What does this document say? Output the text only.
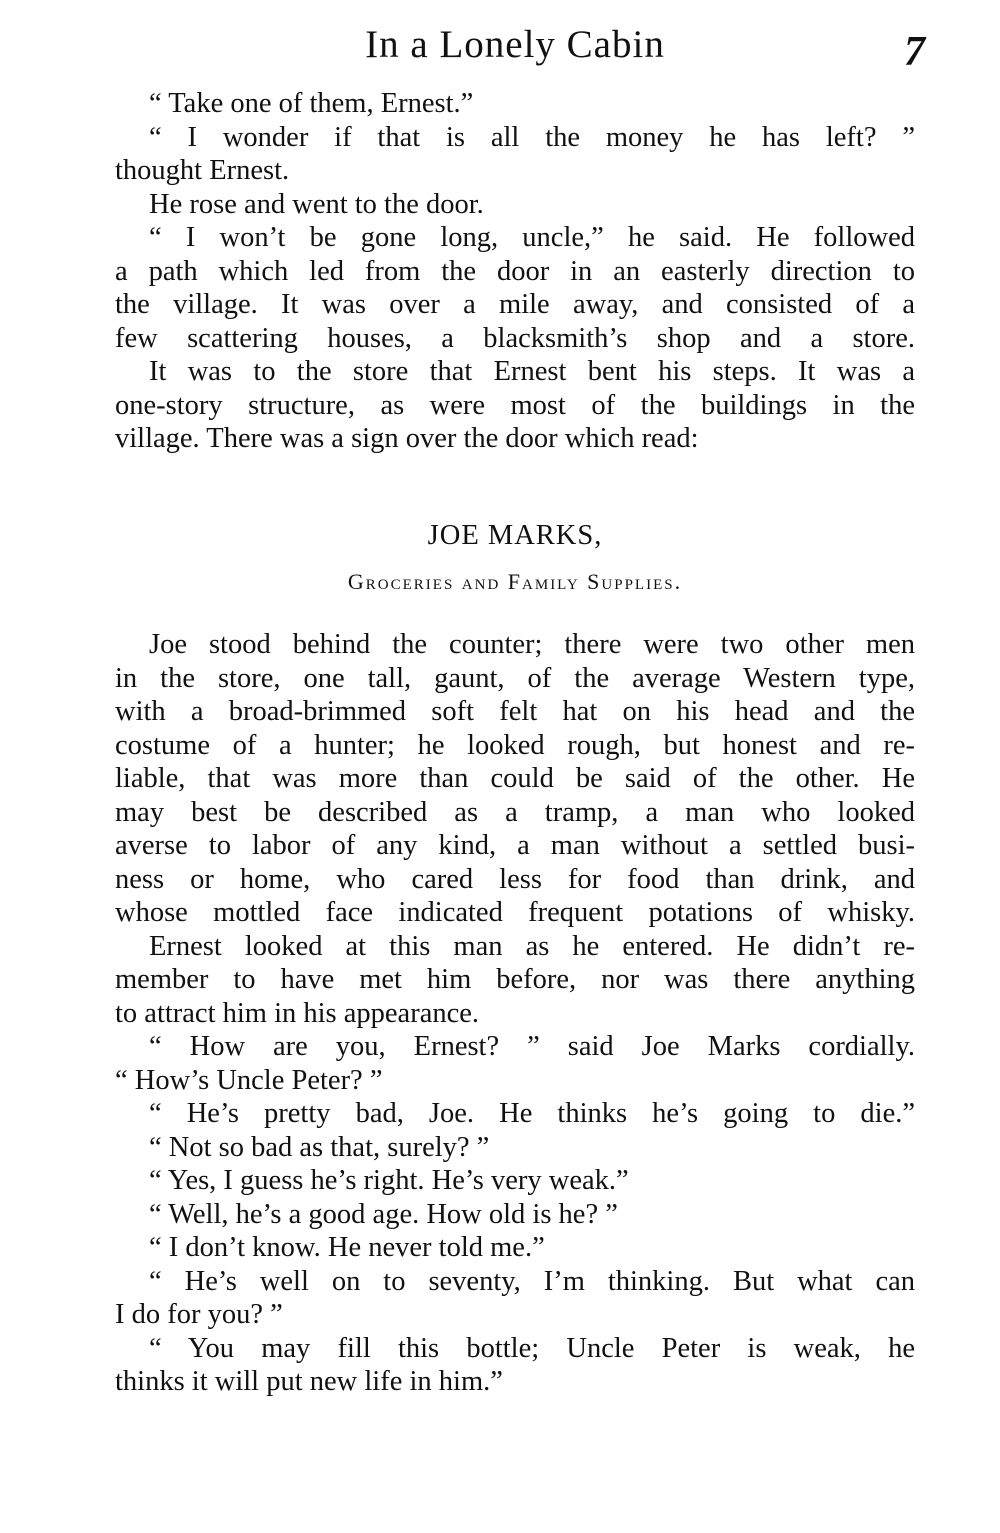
In a Lonely Cabin	7
“ Take one of them, Ernest.”
“ I wonder if that is all the money he has left? ”
thought Ernest.
He rose and went to the door.
“ I won’t be gone long, uncle,” he said. He followed
a path which led from the door in an easterly direction to
the village. It was over a mile away, and consisted of a
few scattering houses, a blacksmith’s shop and a store.
It was to the store that Ernest bent his steps. It was a
one-story structure, as were most of the buildings in the
village. There was a sign over the door which read:
JOE MARKS,
Groceries and Family Supplies.
Joe stood behind the counter; there were two other men
in the store, one tall, gaunt, of the average Western type,
with a broad-brimmed soft felt hat on his head and the
costume of a hunter; he looked rough, but honest and re-
liable, that was more than could be said of the other. He
may best be described as a tramp, a man who looked
averse to labor of any kind, a man without a settled busi-
ness or home, who cared less for food than drink, and
whose mottled face indicated frequent potations of whisky.
Ernest looked at this man as he entered. He didn’t re-
member to have met him before, nor was there anything
to attract him in his appearance.
“ How are you, Ernest? ” said Joe Marks cordially.
“ How’s Uncle Peter? ”
“ He’s pretty bad, Joe. He thinks he’s going to die.”
“ Not so bad as that, surely? ”
“ Yes, I guess he’s right. He’s very weak.”
“ Well, he’s a good age. How old is he? ”
“ I don’t know. He never told me.”
“ He’s well on to seventy, I’m thinking. But what can
I do for you? ”
“ You may fill this bottle; Uncle Peter is weak, he
thinks it will put new life in him.”
